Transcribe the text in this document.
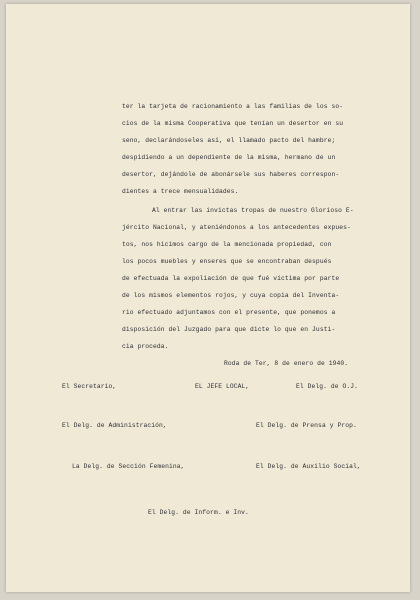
ter la tarjeta de racionamiento a las familias de los so-

cios de la misma Cooperativa que tenían un desertor en su

seno, declarándoseles así, el llamado pacto del hambre;

despidiendo a un dependiente de la misma, hermano de un

desertor, dejándole de abonársele sus haberes correspon-

dientes a trece mensualidades.

Al entrar las invictas tropas de nuestro Glorioso E-

jército Nacional, y ateniéndonos a los antecedentes expues-

tos, nos hicimos cargo de la mencionada propiedad, con

los pocos muebles y enseres que se encontraban después

de efectuada la expoliación de que fué víctima por parte

de los mismos elementos rojos, y cuya copia del Inventa-

rio efectuado adjuntamos con el presente, que ponemos a

disposición del Juzgado para que dicte lo que en Justi-

cia proceda.

Roda de Ter, 8 de enero de 1940.
El Secretario,	EL JEFE LOCAL,	El Delg. de O.J.
El Delg. de Administración,	El Delg. de Prensa y Prop.
La Delg. de Sección Femenina,	El Delg. de Auxilio Social,
El Delg. de Inform. e Inv.
